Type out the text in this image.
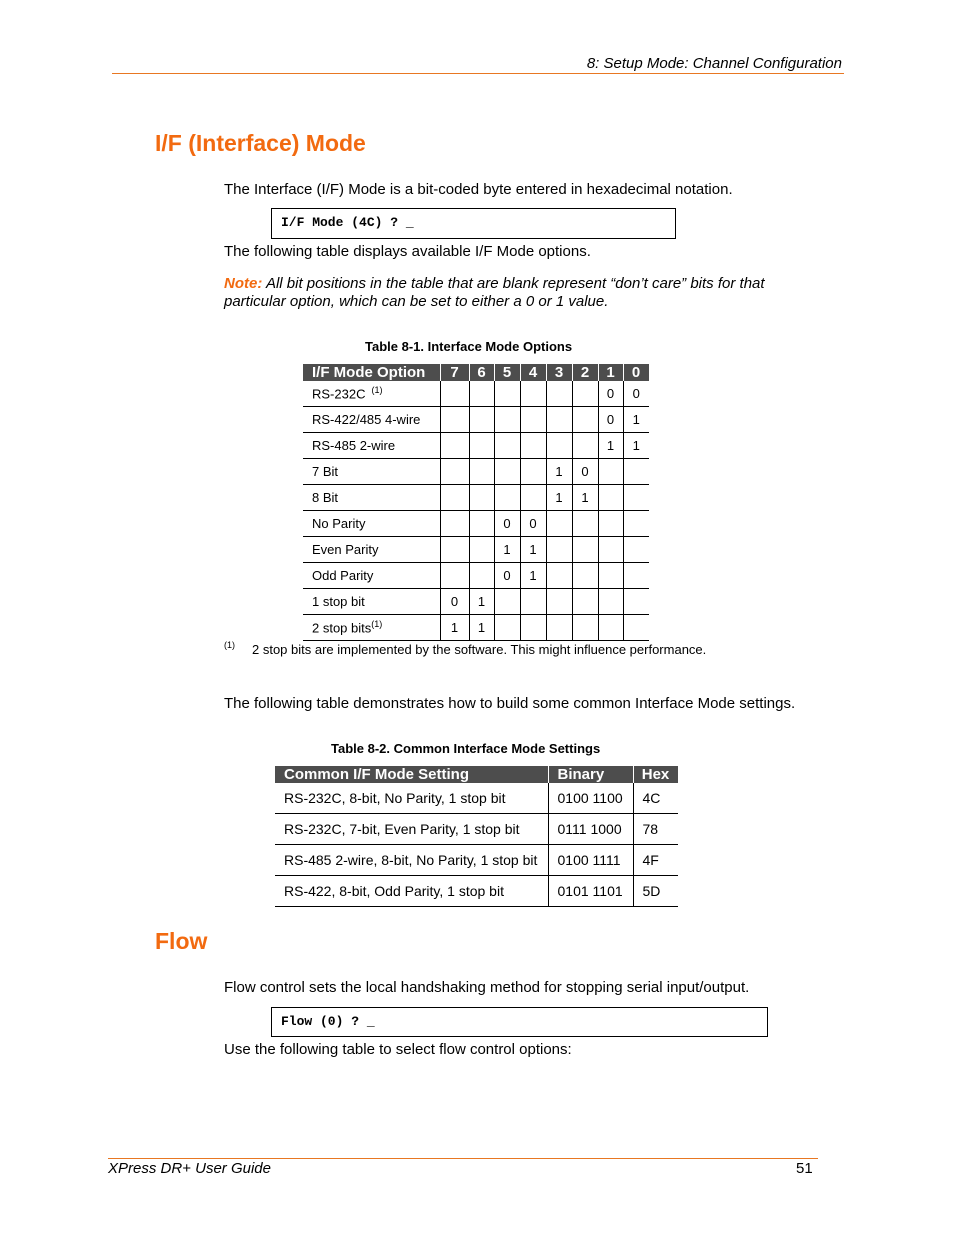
8: Setup Mode: Channel Configuration
I/F (Interface) Mode
The Interface (I/F) Mode is a bit-coded byte entered in hexadecimal notation.
I/F Mode (4C) ? _
The following table displays available I/F Mode options.
Note: All bit positions in the table that are blank represent “don’t care” bits for that particular option, which can be set to either a 0 or 1 value.
Table 8-1. Interface Mode Options
I/F Mode Option	7	6	5	4	3	2	1	0
RS-232C $^{(1)}$							0	0
RS-422/485 4-wire							0	1
RS-485 2-wire							1	1
7 Bit					1	0		
8 Bit					1	1		
No Parity			0	0				
Even Parity			1	1				
Odd Parity			0	1				
1 stop bit	0	1						
2 stop bits$^{(1)}$	1	1						
(1) 2 stop bits are implemented by the software. This might influence performance.
The following table demonstrates how to build some common Interface Mode settings.
Table 8-2. Common Interface Mode Settings
Common I/F Mode Setting	Binary	Hex
RS-232C, 8-bit, No Parity, 1 stop bit	0100 1100	4C
RS-232C, 7-bit, Even Parity, 1 stop bit	0111 1000	78
RS-485 2-wire, 8-bit, No Parity, 1 stop bit	0100 1111	4F
RS-422, 8-bit, Odd Parity, 1 stop bit	0101 1101	5D
Flow
Flow control sets the local handshaking method for stopping serial input/output.
Flow (0) ? _
Use the following table to select flow control options:
XPress DR+ User Guide	51
